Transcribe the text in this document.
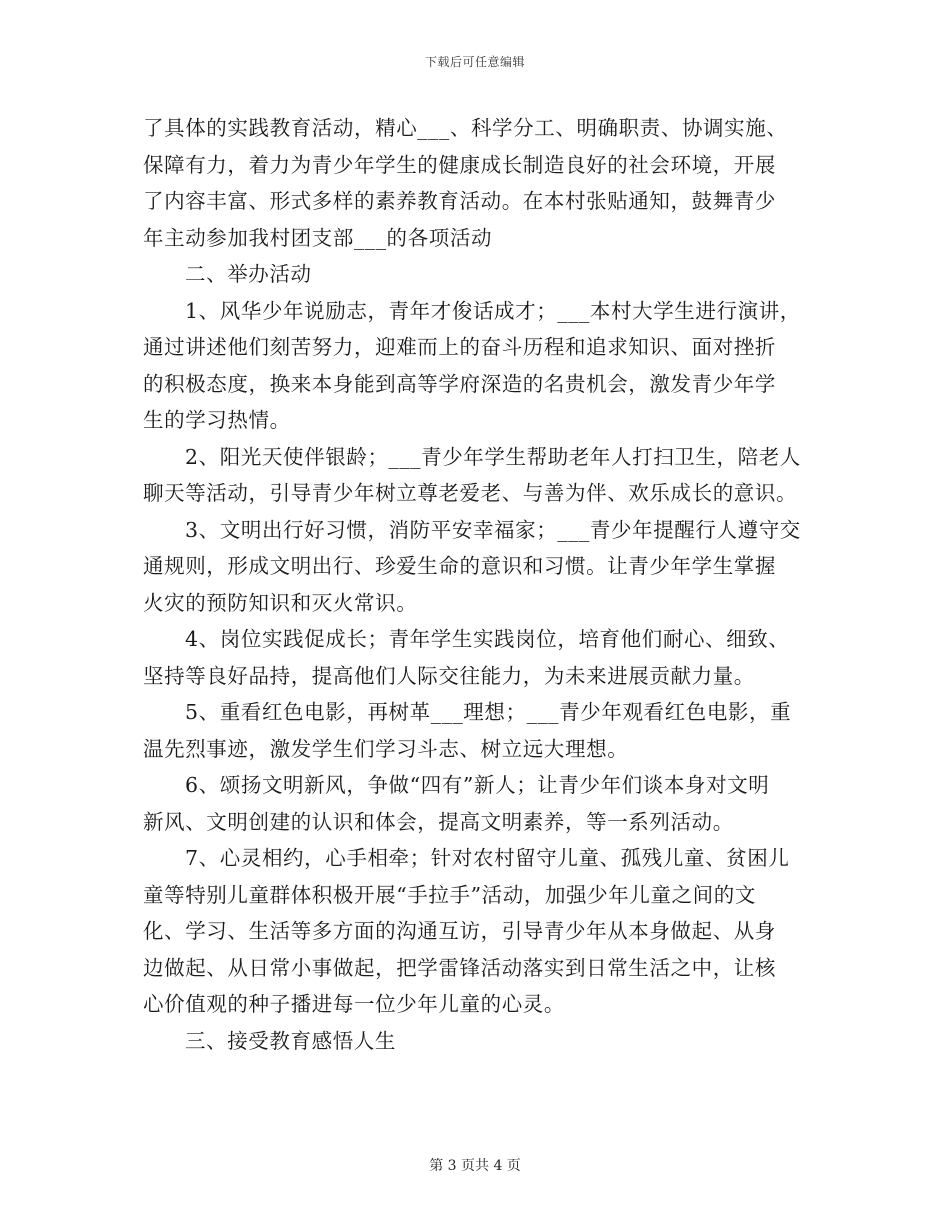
下载后可任意编辑

了具体的实践教育活动，精心___、科学分工、明确职责、协调实施、
保障有力，着力为青少年学生的健康成长制造良好的社会环境，开展
了内容丰富、形式多样的素养教育活动。在本村张贴通知，鼓舞青少
年主动参加我村团支部___的各项活动

二、举办活动

1、风华少年说励志，青年才俊话成才；___本村大学生进行演讲，
通过讲述他们刻苦努力，迎难而上的奋斗历程和追求知识、面对挫折
的积极态度，换来本身能到高等学府深造的名贵机会，激发青少年学
生的学习热情。

2、阳光天使伴银龄；___青少年学生帮助老年人打扫卫生，陪老人
聊天等活动，引导青少年树立尊老爱老、与善为伴、欢乐成长的意识。

3、文明出行好习惯，消防平安幸福家；___青少年提醒行人遵守交
通规则，形成文明出行、珍爱生命的意识和习惯。让青少年学生掌握
火灾的预防知识和灭火常识。

4、岗位实践促成长；青年学生实践岗位，培育他们耐心、细致、
坚持等良好品持，提高他们人际交往能力，为未来进展贡献力量。

5、重看红色电影，再树革___理想；___青少年观看红色电影，重
温先烈事迹，激发学生们学习斗志、树立远大理想。

6、颂扬文明新风，争做“四有”新人；让青少年们谈本身对文明
新风、文明创建的认识和体会，提高文明素养，等一系列活动。

7、心灵相约，心手相牵；针对农村留守儿童、孤残儿童、贫困儿
童等特别儿童群体积极开展“手拉手”活动，加强少年儿童之间的文
化、学习、生活等多方面的沟通互访，引导青少年从本身做起、从身
边做起、从日常小事做起，把学雷锋活动落实到日常生活之中，让核
心价值观的种子播进每一位少年儿童的心灵。

三、接受教育感悟人生

第 3 页共 4 页
